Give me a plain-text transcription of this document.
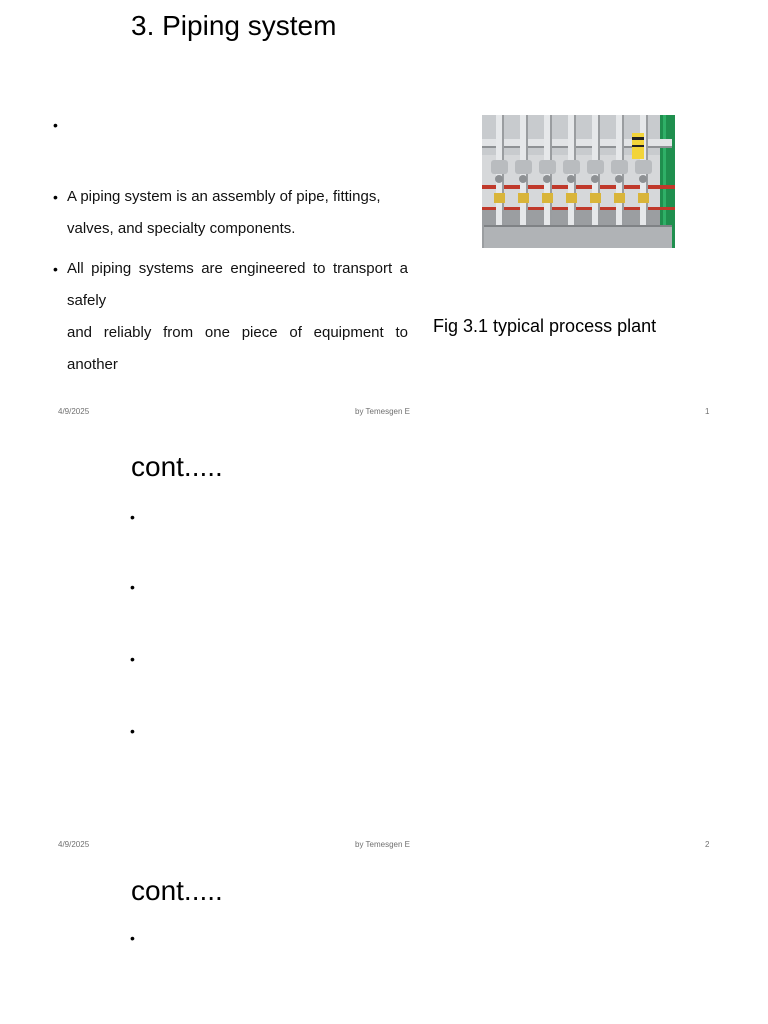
3. Piping system
•
• A piping system is an assembly of pipe, fittings, valves, and specialty components.
• All piping systems are engineered to transport a safely
and reliably from one piece of equipment to another
Fig 3.1 typical process plant
4/9/2025	by Temesgen E	1
cont.....
•
•
•
•
4/9/2025	by Temesgen E	2
cont.....
•
